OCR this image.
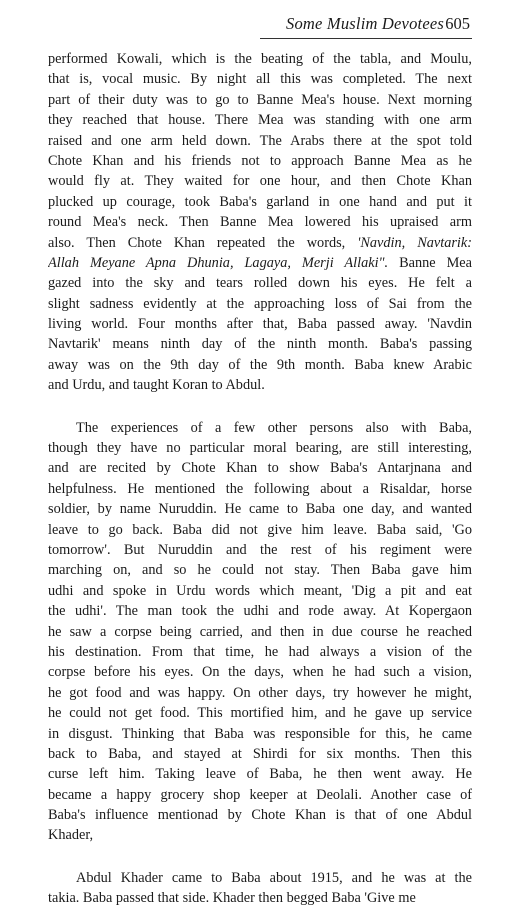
Some Muslim Devotees 605
performed Kowali, which is the beating of the tabla, and Moulu,
that is, vocal music. By night all this was completed. The next
part of their duty was to go to Banne Mea's house. Next morning
they reached that house. There Mea was standing with one arm
raised and one arm held down. The Arabs there at the spot told
Chote Khan and his friends not to approach Banne Mea as he
would fly at. They waited for one hour, and then Chote Khan
plucked up courage, took Baba's garland in one hand and put it
round Mea's neck. Then Banne Mea lowered his upraised arm
also. Then Chote Khan repeated the words, 'Navdin, Navtarik:
Allah Meyane Apna Dhunia, Lagaya, Merji Allaki". Banne Mea
gazed into the sky and tears rolled down his eyes. He felt a
slight sadness evidently at the approaching loss of Sai from the
living world. Four months after that, Baba passed away. 'Navdin
Navtarik' means ninth day of the ninth month. Baba's passing
away was on the 9th day of the 9th month. Baba knew Arabic
and Urdu, and taught Koran to Abdul.
The experiences of a few other persons also with Baba,
though they have no particular moral bearing, are still interesting,
and are recited by Chote Khan to show Baba's Antarjnana and
helpfulness. He mentioned the following about a Risaldar, horse
soldier, by name Nuruddin. He came to Baba one day, and wanted
leave to go back. Baba did not give him leave. Baba said, 'Go
tomorrow'. But Nuruddin and the rest of his regiment were
marching on, and so he could not stay. Then Baba gave him
udhi and spoke in Urdu words which meant, 'Dig a pit and eat
the udhi'. The man took the udhi and rode away. At Kopergaon
he saw a corpse being carried, and then in due course he reached
his destination. From that time, he had always a vision of the
corpse before his eyes. On the days, when he had such a vision,
he got food and was happy. On other days, try however he might,
he could not get food. This mortified him, and he gave up service
in disgust. Thinking that Baba was responsible for this, he came
back to Baba, and stayed at Shirdi for six months. Then this
curse left him. Taking leave of Baba, he then went away. He
became a happy grocery shop keeper at Deolali. Another case of
Baba's influence mentionad by Chote Khan is that of one Abdul
Khader,
Abdul Khader came to Baba about 1915, and he was at the
takia. Baba passed that side. Khader then begged Baba 'Give me
